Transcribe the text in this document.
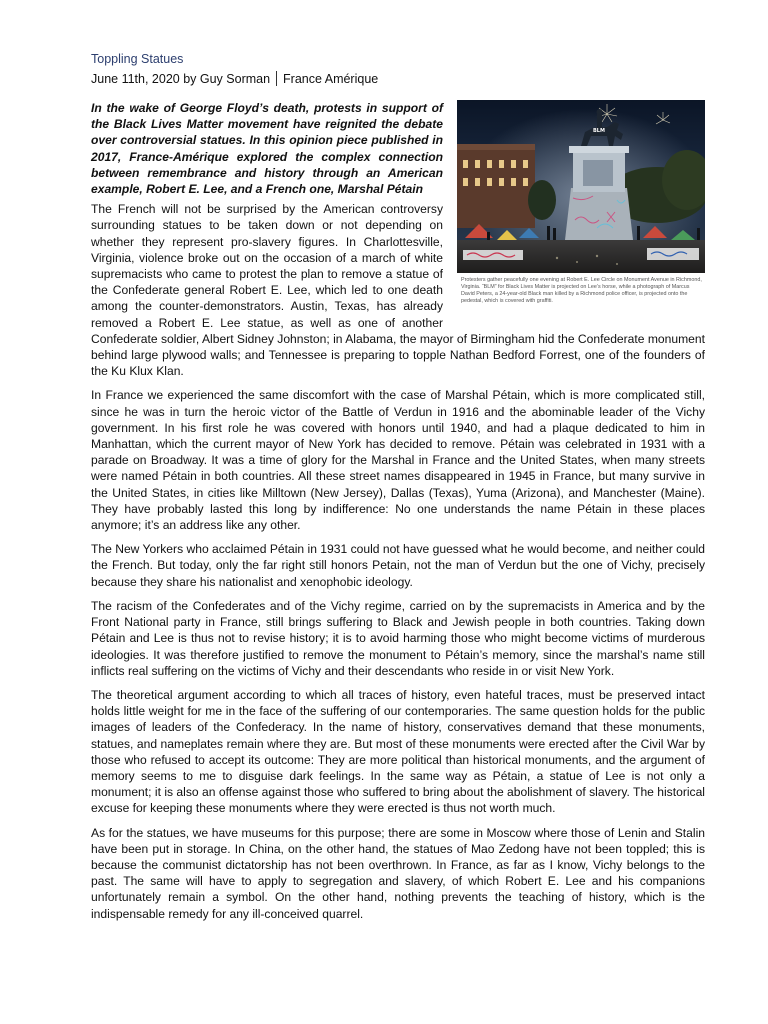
Toppling Statues
June 11th, 2020 by Guy Sorman France Amérique
BLM
Protesters gather peacefully one evening at Robert E. Lee Circle on Monument Avenue in Richmond, Virginia. “BLM” for Black Lives Matter is projected on Lee’s horse, while a photograph of Marcus David Peters, a 24-year-old Black man killed by a Richmond police officer, is projected onto the pedestal, which is covered with graffiti.

In the wake of George Floyd’s death, protests in support of the Black Lives Matter movement have reignited the debate over controversial statues. In this opinion piece published in 2017, France-Amérique explored the complex connection between remembrance and history through an American example, Robert E. Lee, and a French one, Marshal Pétain

The French will not be surprised by the American controversy surrounding statues to be taken down or not depending on whether they represent pro-slavery figures. In Charlottesville, Virginia, violence broke out on the occasion of a march of white supremacists who came to protest the plan to remove a statue of the Confederate general Robert E. Lee, which led to one death among the counter-demonstrators. Austin, Texas, has already removed a Robert E. Lee statue, as well as one of another Confederate soldier, Albert Sidney Johnston; in Alabama, the mayor of Birmingham hid the Confederate monument behind large plywood walls; and Tennessee is preparing to topple Nathan Bedford Forrest, one of the founders of the Ku Klux Klan.

In France we experienced the same discomfort with the case of Marshal Pétain, which is more complicated still, since he was in turn the heroic victor of the Battle of Verdun in 1916 and the abominable leader of the Vichy government. In his first role he was covered with honors until 1940, and had a plaque dedicated to him in Manhattan, which the current mayor of New York has decided to remove. Pétain was celebrated in 1931 with a parade on Broadway. It was a time of glory for the Marshal in France and the United States, when many streets were named Pétain in both countries. All these street names disappeared in 1945 in France, but many survive in the United States, in cities like Milltown (New Jersey), Dallas (Texas), Yuma (Arizona), and Manchester (Maine). They have probably lasted this long by indifference: No one understands the name Pétain in these places anymore; it’s an address like any other.

The New Yorkers who acclaimed Pétain in 1931 could not have guessed what he would become, and neither could the French. But today, only the far right still honors Petain, not the man of Verdun but the one of Vichy, precisely because they share his nationalist and xenophobic ideology.

The racism of the Confederates and of the Vichy regime, carried on by the supremacists in America and by the Front National party in France, still brings suffering to Black and Jewish people in both countries. Taking down Pétain and Lee is thus not to revise history; it is to avoid harming those who might become victims of murderous ideologies. It was therefore justified to remove the monument to Pétain’s memory, since the marshal’s name still inflicts real suffering on the victims of Vichy and their descendants who reside in or visit New York.

The theoretical argument according to which all traces of history, even hateful traces, must be preserved intact holds little weight for me in the face of the suffering of our contemporaries. The same question holds for the public images of leaders of the Confederacy. In the name of history, conservatives demand that these monuments, statues, and nameplates remain where they are. But most of these monuments were erected after the Civil War by those who refused to accept its outcome: They are more political than historical monuments, and the argument of memory seems to me to disguise dark feelings. In the same way as Pétain, a statue of Lee is not only a monument; it is also an offense against those who suffered to bring about the abolishment of slavery. The historical excuse for keeping these monuments where they were erected is thus not worth much.

As for the statues, we have museums for this purpose; there are some in Moscow where those of Lenin and Stalin have been put in storage. In China, on the other hand, the statues of Mao Zedong have not been toppled; this is because the communist dictatorship has not been overthrown. In France, as far as I know, Vichy belongs to the past. The same will have to apply to segregation and slavery, of which Robert E. Lee and his companions unfortunately remain a symbol. On the other hand, nothing prevents the teaching of history, which is the indispensable remedy for any ill-conceived quarrel.
